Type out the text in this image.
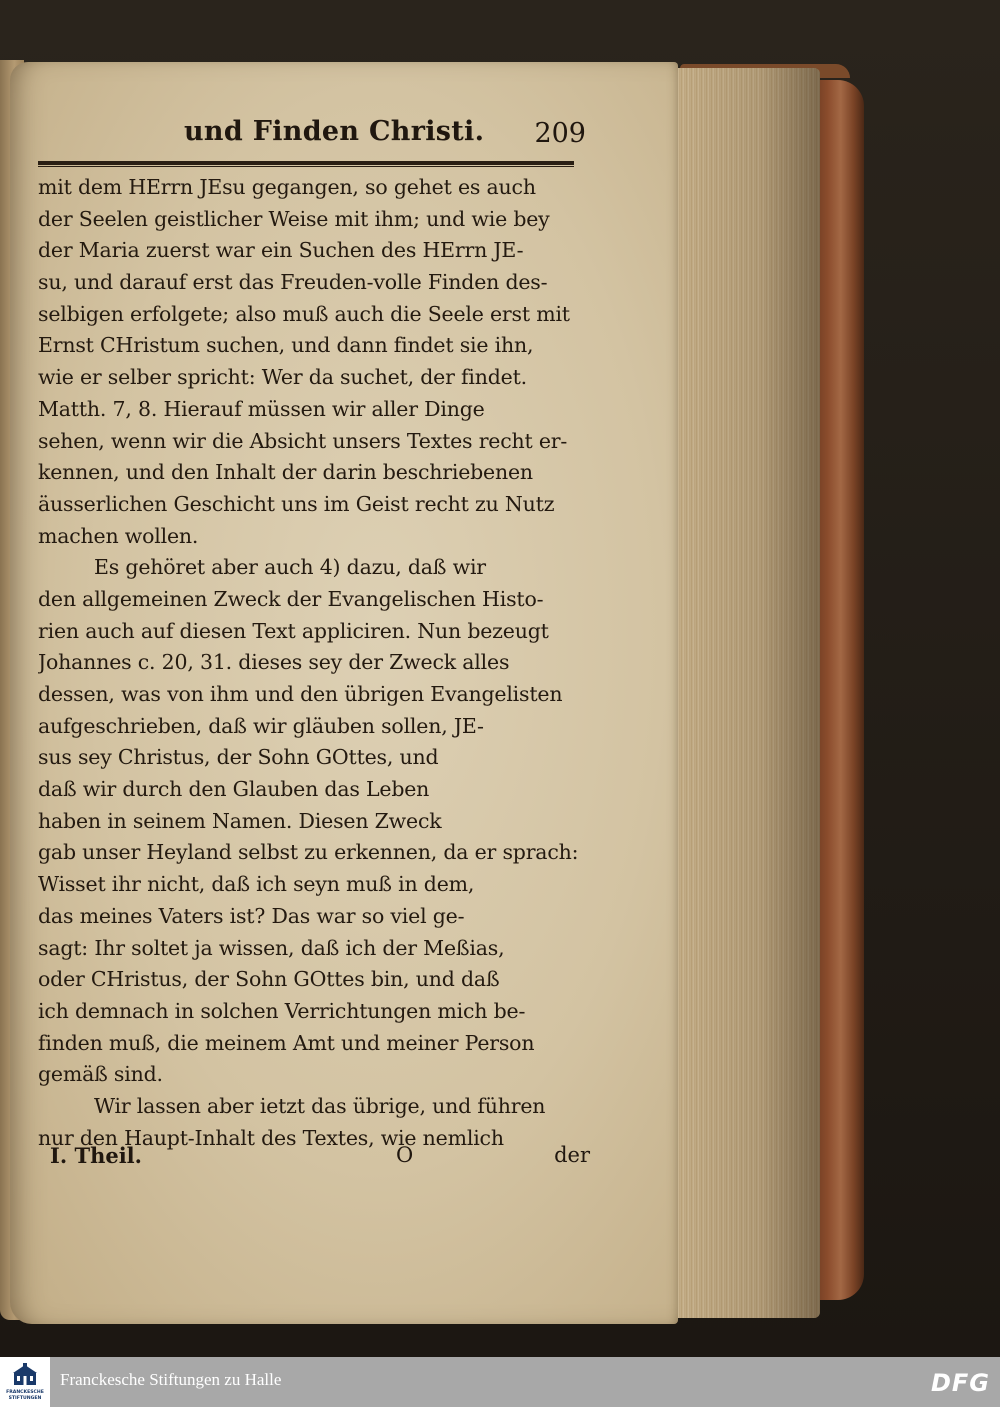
und Finden Christi. 209
mit dem HErrn JEsu gegangen, so gehet es auch
der Seelen geistlicher Weise mit ihm; und wie bey
der Maria zuerst war ein Suchen des HErrn JE-
su, und darauf erst das Freuden-volle Finden des-
selbigen erfolgete; also muß auch die Seele erst mit
Ernst CHristum suchen, und dann findet sie ihn,
wie er selber spricht: Wer da suchet, der findet.
Matth. 7, 8. Hierauf müssen wir aller Dinge
sehen, wenn wir die Absicht unsers Textes recht er-
kennen, und den Inhalt der darin beschriebenen
äusserlichen Geschicht uns im Geist recht zu Nutz
machen wollen.
Es gehöret aber auch 4) dazu, daß wir
den allgemeinen Zweck der Evangelischen Histo-
rien auch auf diesen Text appliciren. Nun bezeugt
Johannes c. 20, 31. dieses sey der Zweck alles
dessen, was von ihm und den übrigen Evangelisten
aufgeschrieben, daß wir gläuben sollen, JE-
sus sey Christus, der Sohn GOttes, und
daß wir durch den Glauben das Leben
haben in seinem Namen. Diesen Zweck
gab unser Heyland selbst zu erkennen, da er sprach:
Wisset ihr nicht, daß ich seyn muß in dem,
das meines Vaters ist? Das war so viel ge-
sagt: Ihr soltet ja wissen, daß ich der Meßias,
oder CHristus, der Sohn GOttes bin, und daß
ich demnach in solchen Verrichtungen mich be-
finden muß, die meinem Amt und meiner Person
gemäß sind.
Wir lassen aber ietzt das übrige, und führen
nur den Haupt-Inhalt des Textes, wie nemlich
I. Theil.	O	der
FRANCKESCHE STIFTUNGEN
Franckesche Stiftungen zu Halle	DFG
